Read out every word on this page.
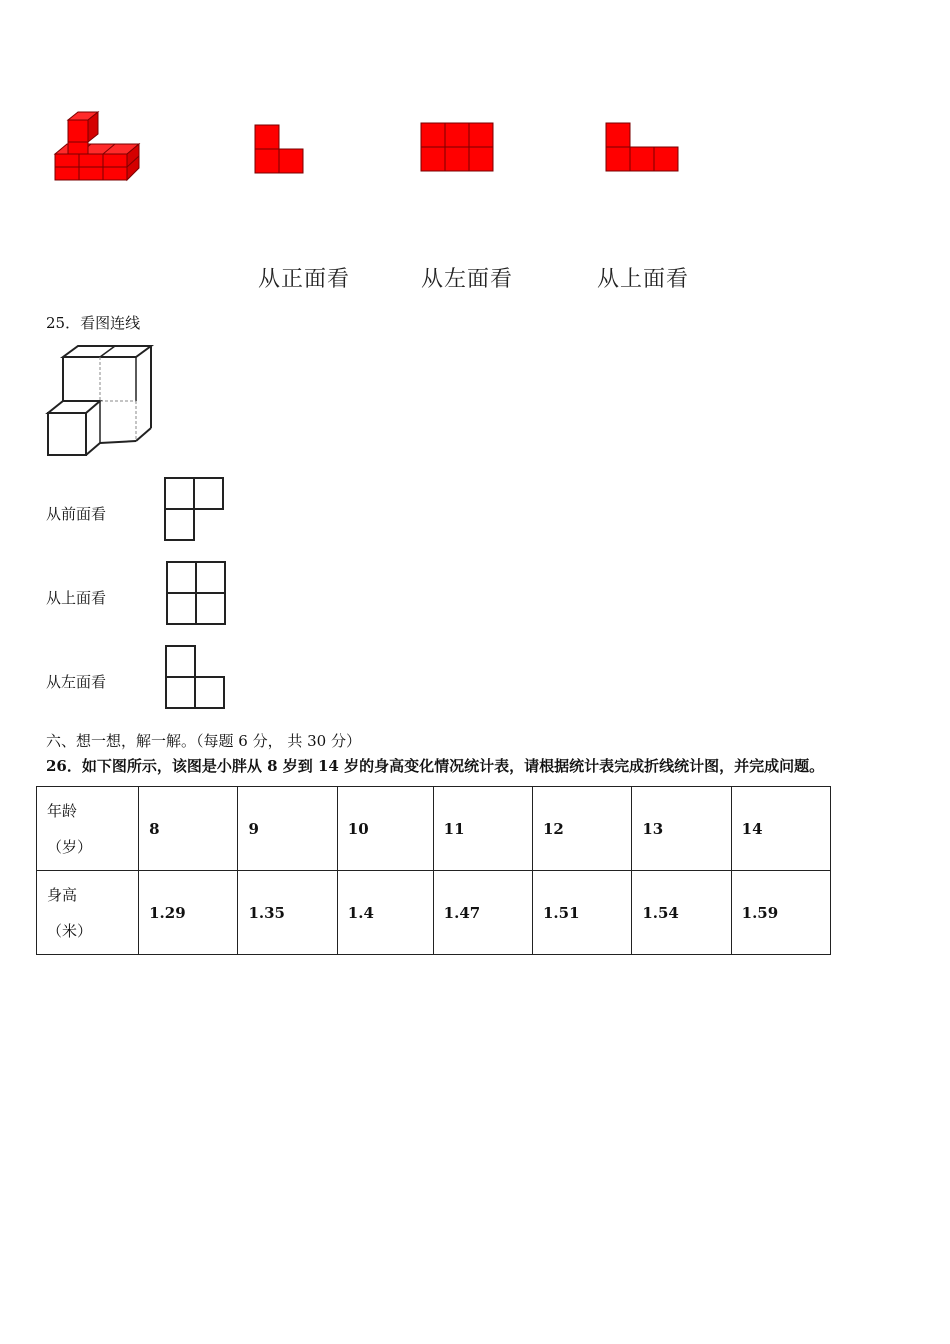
从正面看	从左面看	从上面看
25．看图连线
从前面看
从上面看
从左面看
六、想一想，解一解。（每题 6 分， 共 30 分）
26．如下图所示，该图是小胖从 8 岁到 14 岁的身高变化情况统计表，请根据统计表完成折线统计图，并完成问题。
年龄
（岁）	8	9	10	11	12	13	14

身高
（米）	1.29	1.35	1.4	1.47	1.51	1.54	1.59
